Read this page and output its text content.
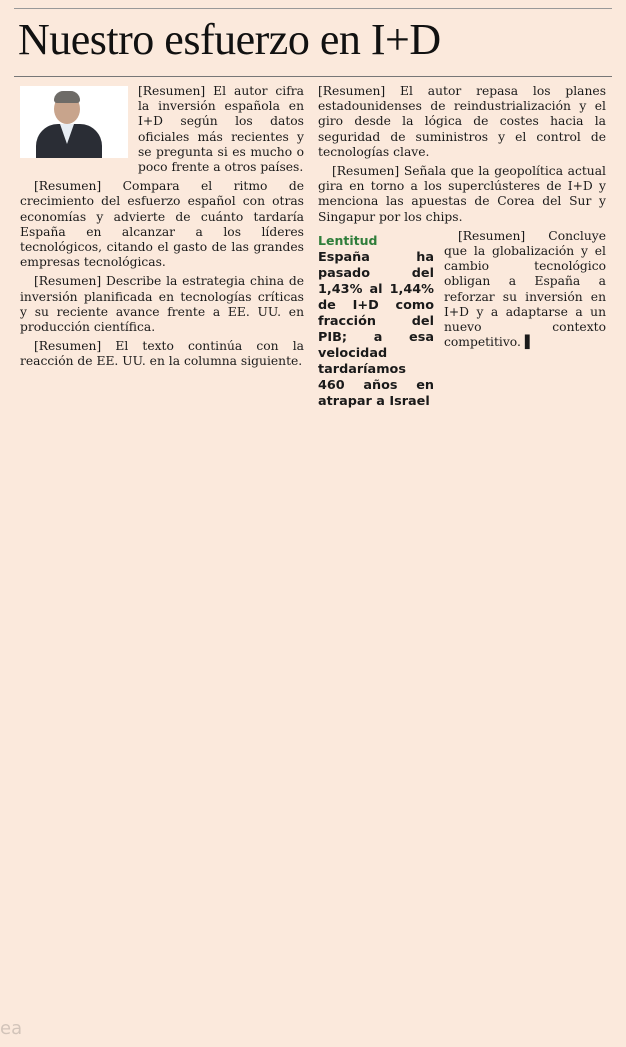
Nuestro esfuerzo en I+D

[Resumen] El autor cifra la inversión española en I+D según los datos oficiales más recientes y se pregunta si es mucho o poco frente a otros países.

[Resumen] Compara el ritmo de crecimiento del esfuerzo español con otras economías y advierte de cuánto tardaría España en alcanzar a los líderes tecnológicos, citando el gasto de las grandes empresas tecnológicas.

[Resumen] Describe la estrategia china de inversión planificada en tecnologías críticas y su reciente avance frente a EE. UU. en producción científica.

[Resumen] El texto continúa con la reacción de EE. UU. en la columna siguiente.

[Resumen] El autor repasa los planes estadounidenses de reindustrialización y el giro desde la lógica de costes hacia la seguridad de suministros y el control de tecnologías clave.

[Resumen] Señala que la geopolítica actual gira en torno a los superclústeres de I+D y menciona las apuestas de Corea del Sur y Singapur por los chips.

Lentitud
España ha pasado del 1,43% al 1,44% de I+D como fracción del PIB; a esa velocidad tardaríamos 460 años en atrapar a Israel

[Resumen] Concluye que la globalización y el cambio tecnológico obligan a España a reforzar su inversión en I+D y a adaptarse a un nuevo contexto competitivo. ▌

ea
